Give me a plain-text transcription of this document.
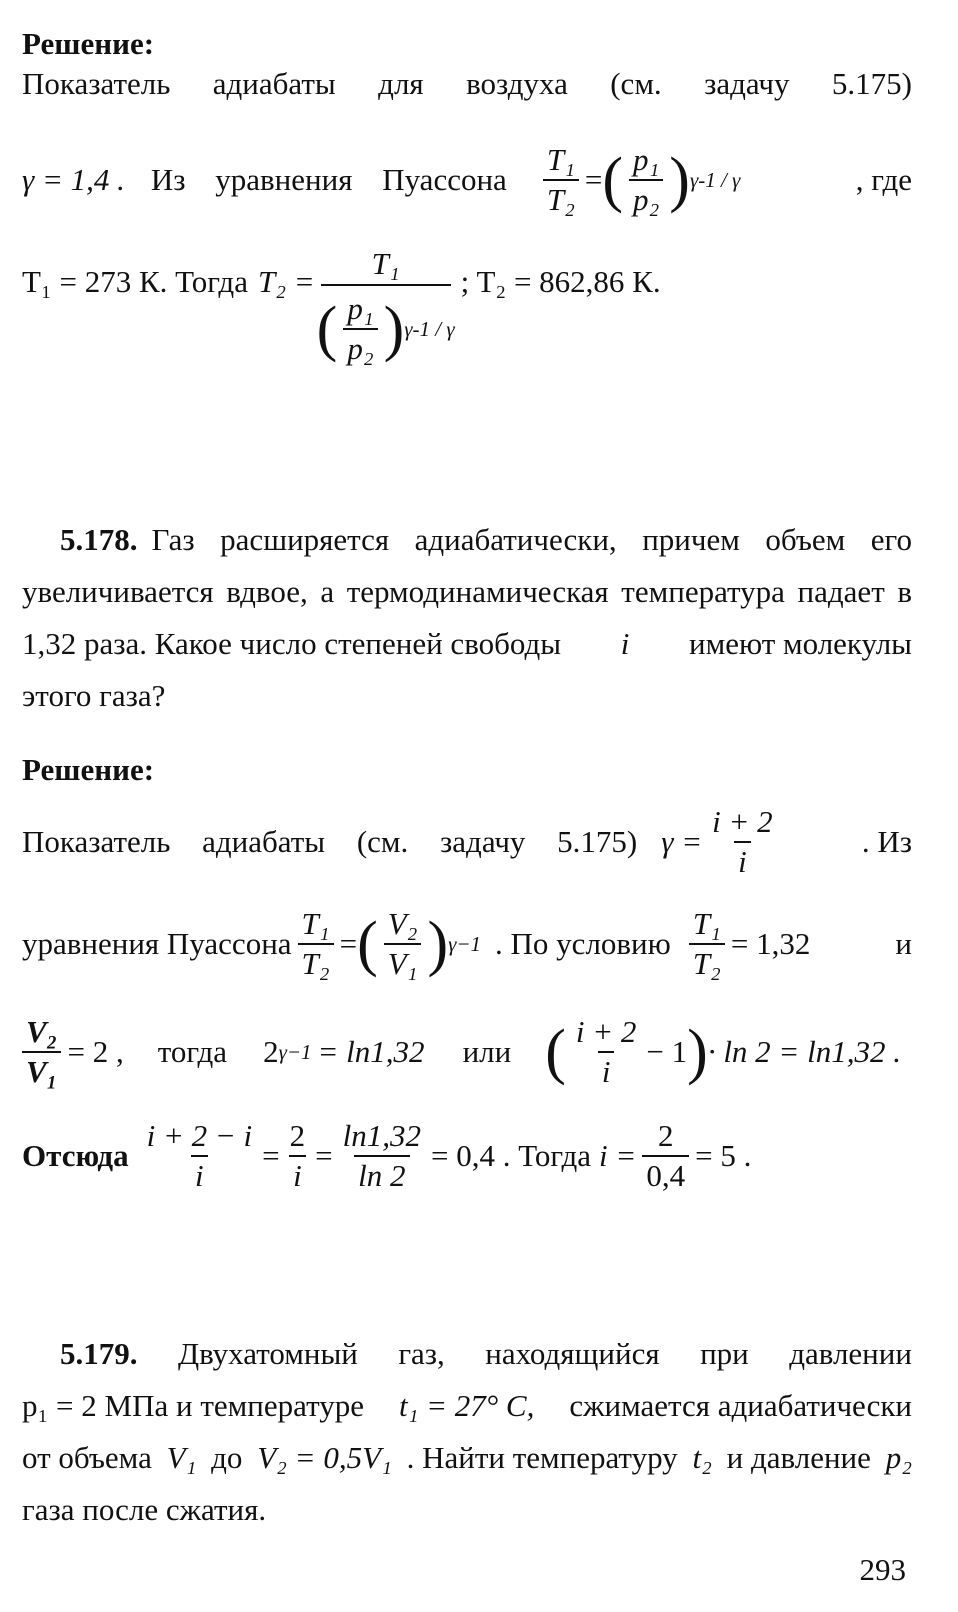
Решение:
Показатель адиабаты для воздуха (см. задачу 5.175)
γ = 1,4 . Из уравнения Пуассона $\frac{\text{T₁}}{\text{T₂}}$ = ( $\frac{\text{p₁}}{\text{p₂}}$ ) γ-1 / γ	, где
T₁ = 273 К. Тогда $T_2 = \frac{\text{T₁}}{( \frac{\text{p₁}}{\text{p₂}} ) \gamma-1 / \gamma}$ ; T₂ = 862,86 К.
5.178. Газ расширяется адиабатически, причем объем его
увеличивается вдвое, а термодинамическая температура падает в
1,32 раза. Какое число степеней свободы i имеют молекулы
этого газа?
Решение:
Показатель адиабаты (см. задачу 5.175) $\gamma = \frac{i + 2}{i}$	. Из
уравнения Пуассона $\frac{\text{T₁}}{\text{T₂}}$ = ( $\frac{\text{V₂}}{\text{V₁}}$ ) γ−1 . По условию $\frac{\text{T₁}}{\text{T₂}} = 1,32$	и
$\frac{\text{V₂}}{\text{V₁}} = 2$ , тогда 2 γ−1 = ln1,32 или ( $\frac{i + 2}{i} - 1$ ) · ln 2 = ln1,32 .
Отсюда $\frac{i + 2 - i}{i} = \frac{2}{i} = \frac{\ln 1,32}{\ln 2} = 0,4$ . Тогда $i = \frac{2}{0,4} = 5$ .
5.179. Двухатомный газ, находящийся при давлении
p₁ = 2 МПа и температуре t₁ = 27° С, сжимается адиабатически
от объема V₁ до V₂ = 0,5V₁ . Найти температуру t₂ и давление p₂
газа после сжатия.
293
